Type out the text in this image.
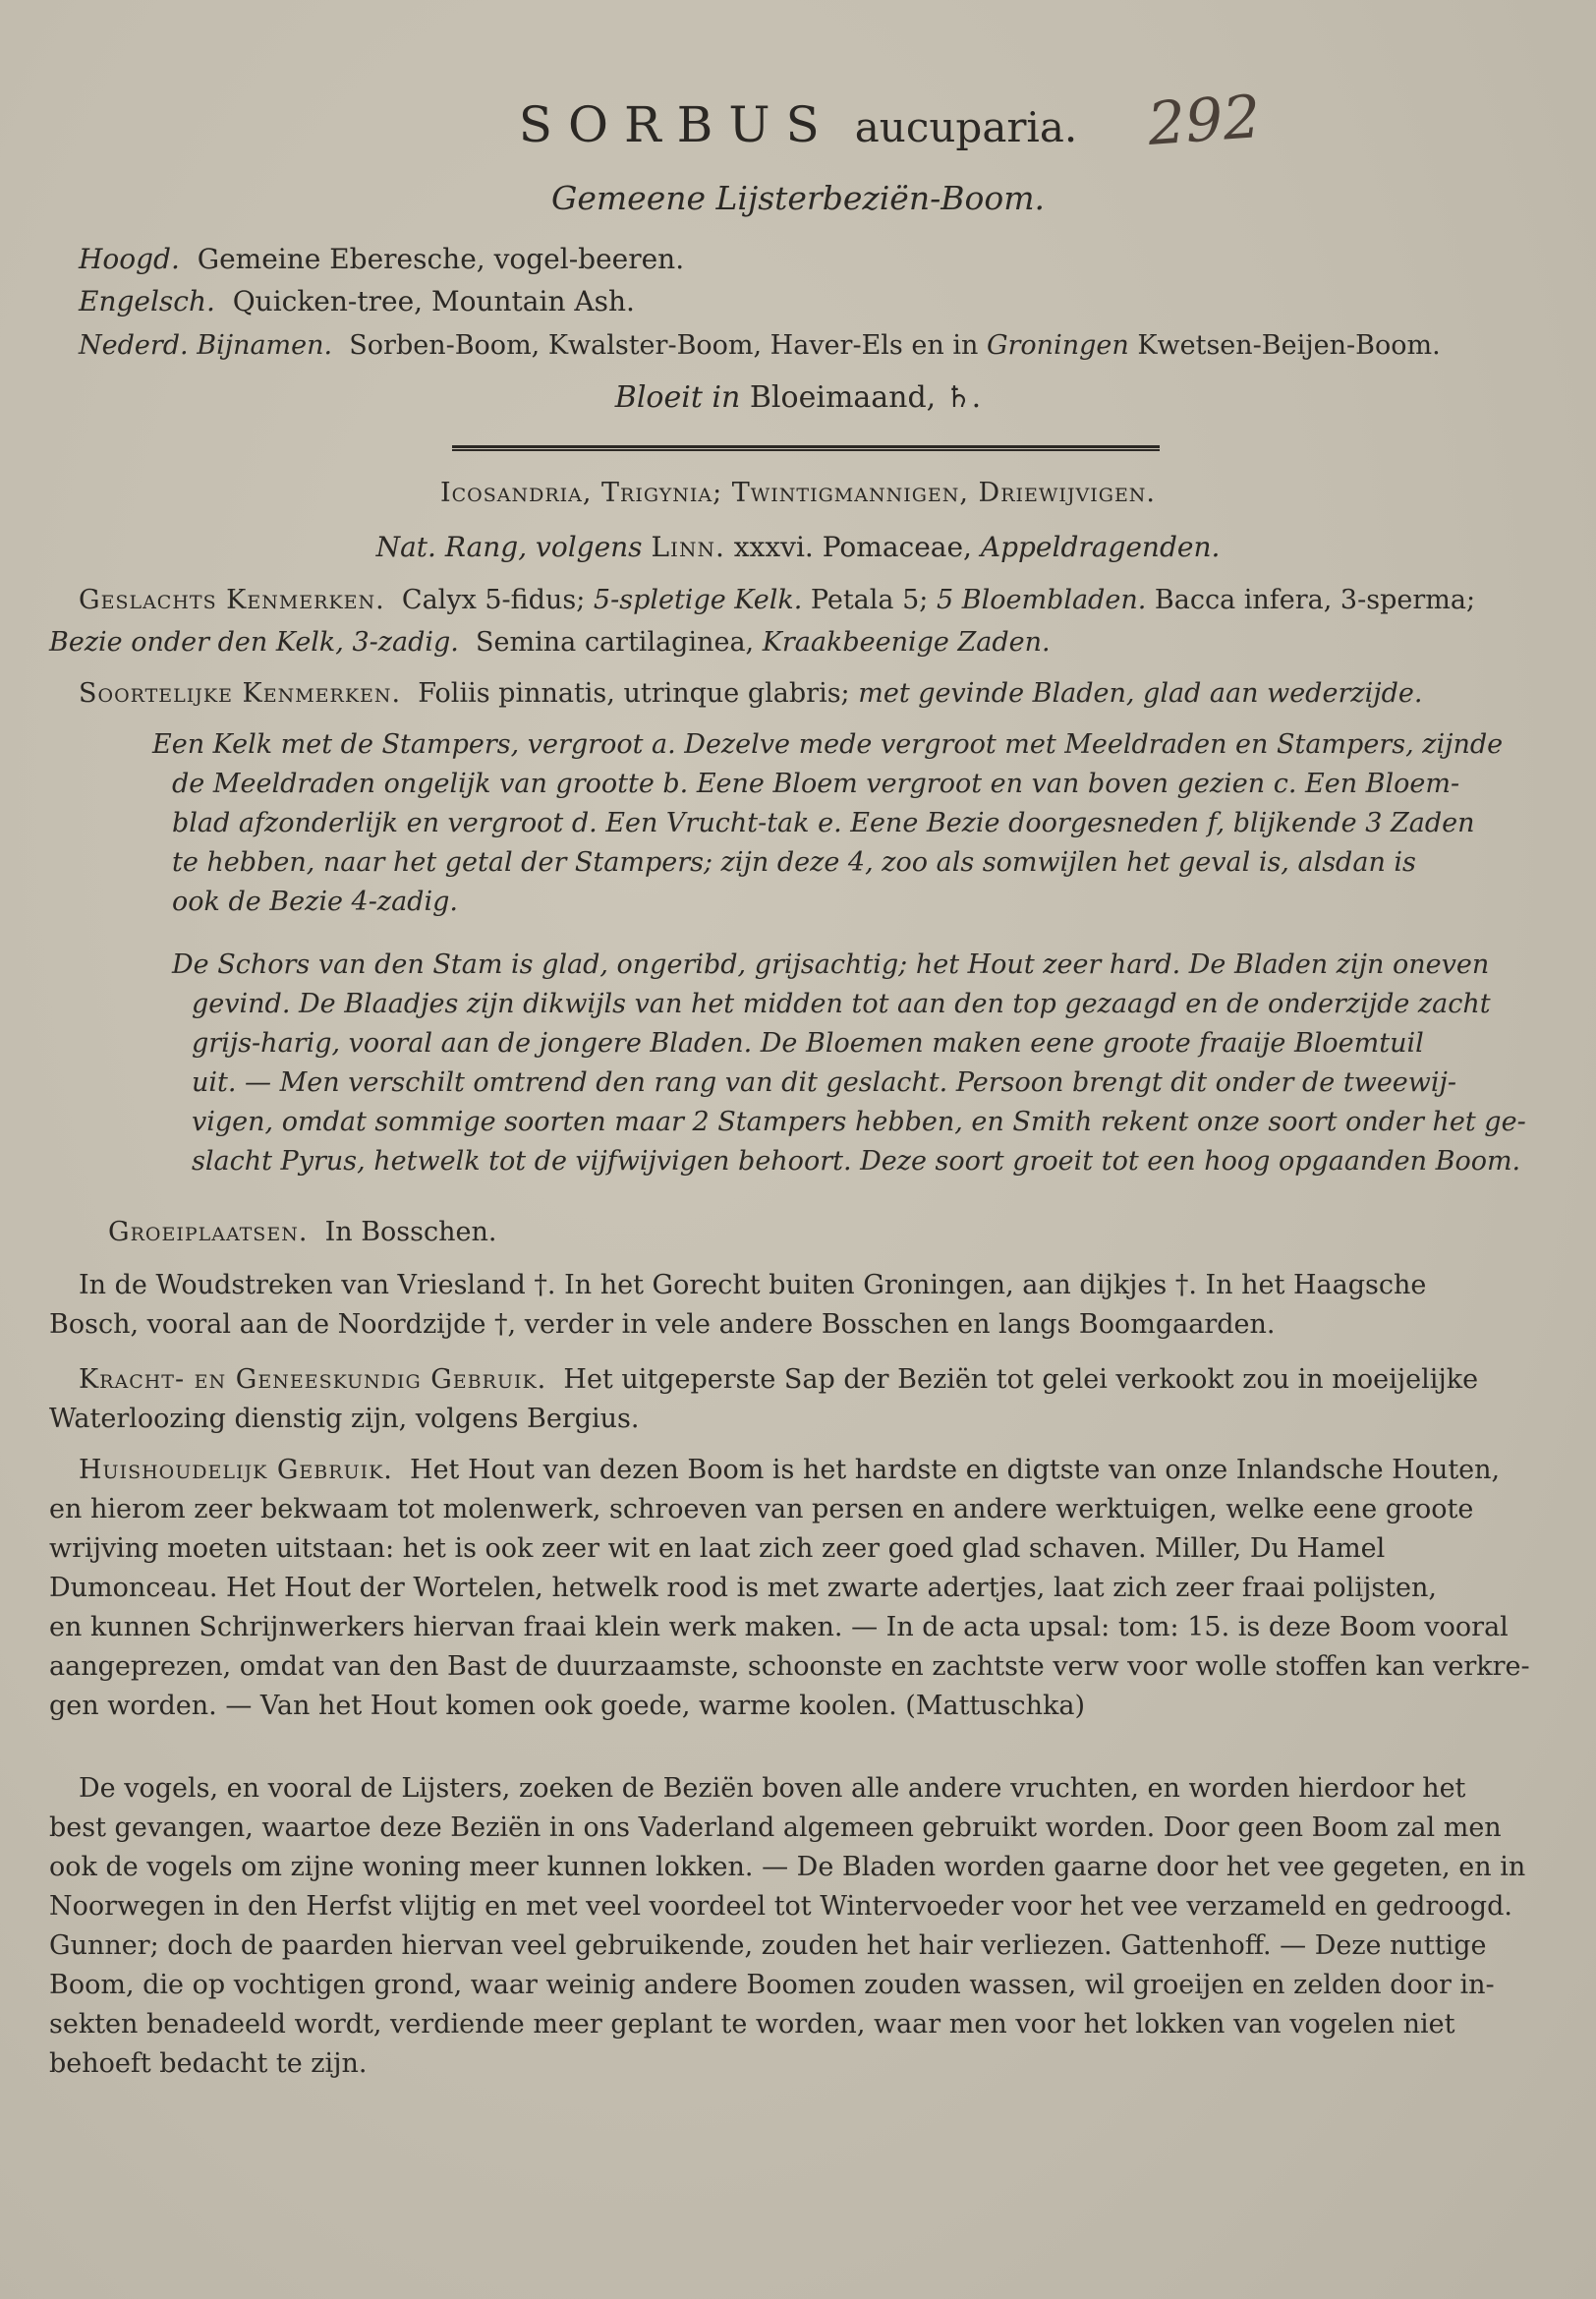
SORBUS aucuparia.	292
Gemeene Lijsterbeziën-Boom.
Hoogd. Gemeine Eberesche, vogel-beeren.
Engelsch. Quicken-tree, Mountain Ash.
Nederd. Bijnamen. Sorben-Boom, Kwalster-Boom, Haver-Els en in Groningen Kwetsen-Beijen-Boom.
Bloeit in Bloeimaand, ♄.
Icosandria, Trigynia; Twintigmannigen, Driewijvigen.
Nat. Rang, volgens Linn. xxxvi. Pomaceae, Appeldragenden.
Geslachts Kenmerken. Calyx 5-fidus; 5-spletige Kelk. Petala 5; 5 Bloembladen. Bacca infera, 3-sperma;
Bezie onder den Kelk, 3-zadig. Semina cartilaginea, Kraakbeenige Zaden.
Soortelijke Kenmerken. Foliis pinnatis, utrinque glabris; met gevinde Bladen, glad aan wederzijde.
Een Kelk met de Stampers, vergroot a. Dezelve mede vergroot met Meeldraden en Stampers, zijnde
de Meeldraden ongelijk van grootte b. Eene Bloem vergroot en van boven gezien c. Een Bloem-
blad afzonderlijk en vergroot d. Een Vrucht-tak e. Eene Bezie doorgesneden f, blijkende 3 Zaden
te hebben, naar het getal der Stampers; zijn deze 4, zoo als somwijlen het geval is, alsdan is
ook de Bezie 4-zadig.
De Schors van den Stam is glad, ongeribd, grijsachtig; het Hout zeer hard. De Bladen zijn oneven
gevind. De Blaadjes zijn dikwijls van het midden tot aan den top gezaagd en de onderzijde zacht
grijs-harig, vooral aan de jongere Bladen. De Bloemen maken eene groote fraaije Bloemtuil
uit. — Men verschilt omtrend den rang van dit geslacht. Persoon brengt dit onder de tweewij-
vigen, omdat sommige soorten maar 2 Stampers hebben, en Smith rekent onze soort onder het ge-
slacht Pyrus, hetwelk tot de vijfwijvigen behoort. Deze soort groeit tot een hoog opgaanden Boom.
Groeiplaatsen. In Bosschen.
In de Woudstreken van Vriesland †. In het Gorecht buiten Groningen, aan dijkjes †. In het Haagsche
Bosch, vooral aan de Noordzijde †, verder in vele andere Bosschen en langs Boomgaarden.
Kracht- en Geneeskundig Gebruik. Het uitgeperste Sap der Beziën tot gelei verkookt zou in moeijelijke
Waterloozing dienstig zijn, volgens Bergius.
Huishoudelijk Gebruik. Het Hout van dezen Boom is het hardste en digtste van onze Inlandsche Houten,
en hierom zeer bekwaam tot molenwerk, schroeven van persen en andere werktuigen, welke eene groote
wrijving moeten uitstaan: het is ook zeer wit en laat zich zeer goed glad schaven. Miller, Du Hamel
Dumonceau. Het Hout der Wortelen, hetwelk rood is met zwarte adertjes, laat zich zeer fraai polijsten,
en kunnen Schrijnwerkers hiervan fraai klein werk maken. — In de acta upsal: tom: 15. is deze Boom vooral
aangeprezen, omdat van den Bast de duurzaamste, schoonste en zachtste verw voor wolle stoffen kan verkre-
gen worden. — Van het Hout komen ook goede, warme koolen. (Mattuschka)
De vogels, en vooral de Lijsters, zoeken de Beziën boven alle andere vruchten, en worden hierdoor het
best gevangen, waartoe deze Beziën in ons Vaderland algemeen gebruikt worden. Door geen Boom zal men
ook de vogels om zijne woning meer kunnen lokken. — De Bladen worden gaarne door het vee gegeten, en in
Noorwegen in den Herfst vlijtig en met veel voordeel tot Wintervoeder voor het vee verzameld en gedroogd.
Gunner; doch de paarden hiervan veel gebruikende, zouden het hair verliezen. Gattenhoff. — Deze nuttige
Boom, die op vochtigen grond, waar weinig andere Boomen zouden wassen, wil groeijen en zelden door in-
sekten benadeeld wordt, verdiende meer geplant te worden, waar men voor het lokken van vogelen niet
behoeft bedacht te zijn.
